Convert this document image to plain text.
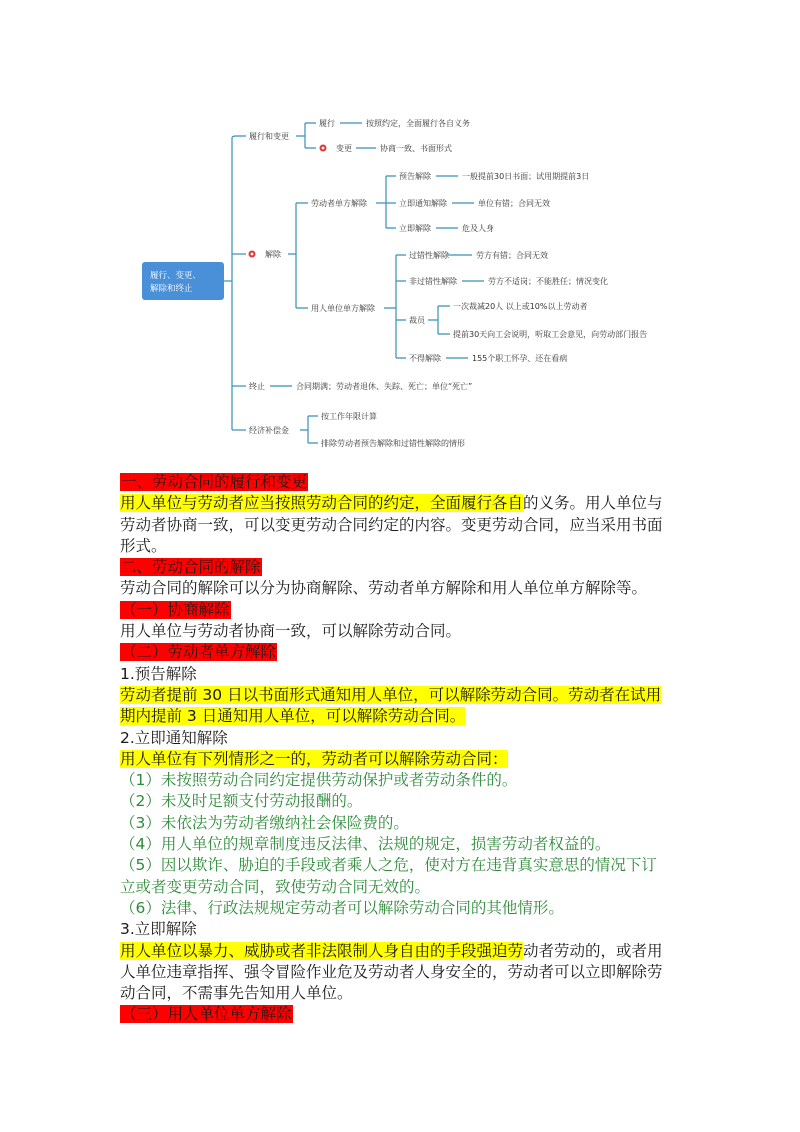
履行、变更、
解除和终止
履行和变更
履行	按照约定，全面履行各自义务
变更	协商一致、书面形式
解除
劳动者单方解除
预告解除	一般提前30日书面；试用期提前3日
立即通知解除	单位有错；合同无效
立即解除	危及人身
用人单位单方解除
过错性解除	劳方有错；合同无效
非过错性解除	劳方不适岗；不能胜任；情况变化
裁员
一次裁减20人 以上或10%以上劳动者
提前30天向工会说明，听取工会意见，向劳动部门报告
不得解除	155个职工怀孕、还在看病
终止	合同期满；劳动者退休、失踪、死亡；单位“死亡”
经济补偿金
按工作年限计算
排除劳动者预告解除和过错性解除的情形
一、劳动合同的履行和变更
用人单位与劳动者应当按照劳动合同的约定，全面履行各自的义务。用人单位与
劳动者协商一致，可以变更劳动合同约定的内容。变更劳动合同，应当采用书面
形式。
二、劳动合同的解除
劳动合同的解除可以分为协商解除、劳动者单方解除和用人单位单方解除等。
（一）协商解除
用人单位与劳动者协商一致，可以解除劳动合同。
（二）劳动者单方解除
1.预告解除
劳动者提前 30 日以书面形式通知用人单位，可以解除劳动合同。劳动者在试用
期内提前 3 日通知用人单位，可以解除劳动合同。
2.立即通知解除
用人单位有下列情形之一的，劳动者可以解除劳动合同：
（1）未按照劳动合同约定提供劳动保护或者劳动条件的。
（2）未及时足额支付劳动报酬的。
（3）未依法为劳动者缴纳社会保险费的。
（4）用人单位的规章制度违反法律、法规的规定，损害劳动者权益的。
（5）因以欺诈、胁迫的手段或者乘人之危，使对方在违背真实意思的情况下订
立或者变更劳动合同，致使劳动合同无效的。
（6）法律、行政法规规定劳动者可以解除劳动合同的其他情形。
3.立即解除
用人单位以暴力、威胁或者非法限制人身自由的手段强迫劳动者劳动的，或者用
人单位违章指挥、强令冒险作业危及劳动者人身安全的，劳动者可以立即解除劳
动合同，不需事先告知用人单位。
（三）用人单位单方解除
